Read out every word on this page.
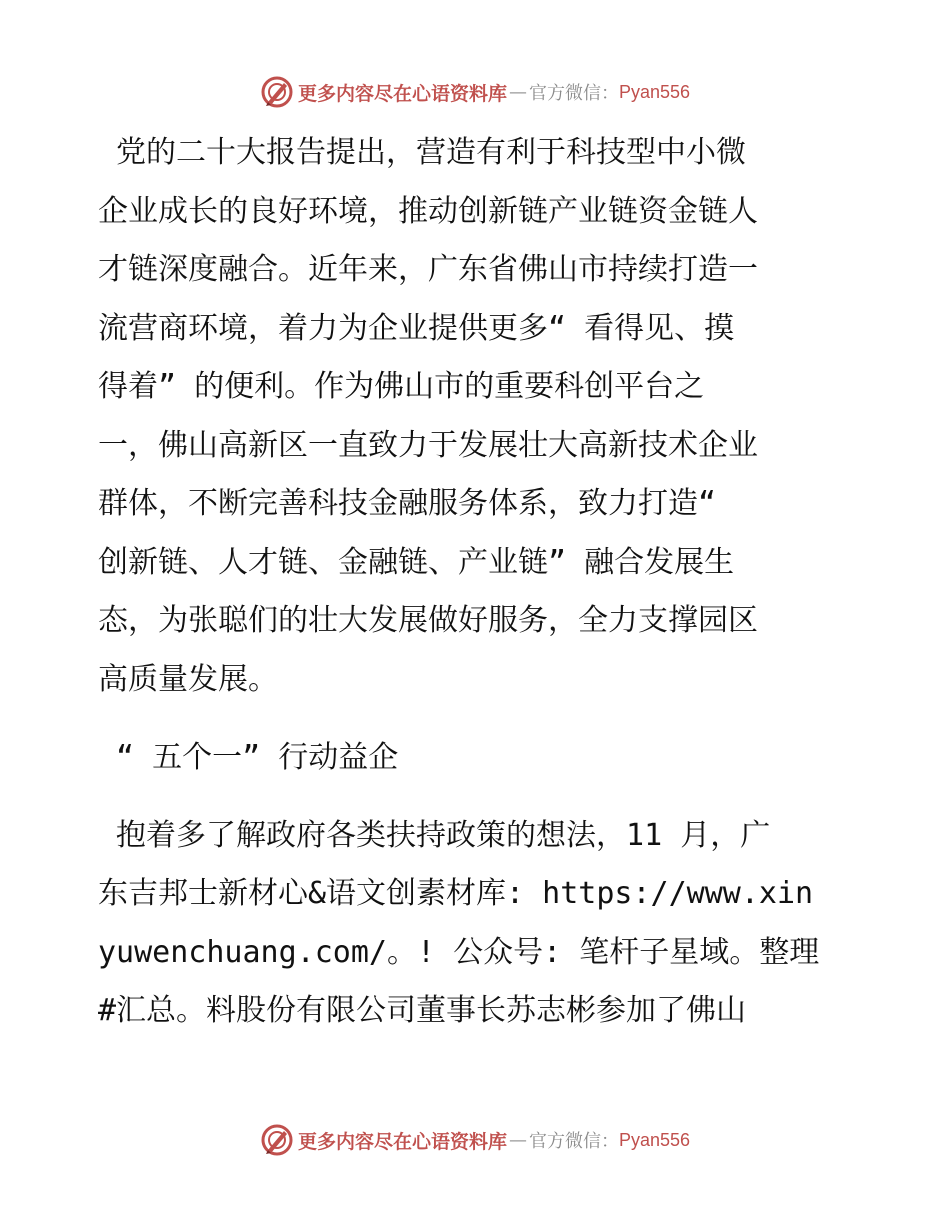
更多内容尽在心语资料库 — 官方微信： Pyan556

党的二十大报告提出，营造有利于科技型中小微

企业成长的良好环境，推动创新链产业链资金链人

才链深度融合。近年来，广东省佛山市持续打造一

流营商环境，着力为企业提供更多“ 看得见、摸

得着” 的便利。作为佛山市的重要科创平台之

一，佛山高新区一直致力于发展壮大高新技术企业

群体，不断完善科技金融服务体系，致力打造“

创新链、人才链、金融链、产业链” 融合发展生

态，为张聪们的壮大发展做好服务，全力支撑园区

高质量发展。

“ 五个一” 行动益企

抱着多了解政府各类扶持政策的想法，11 月，广

东吉邦士新材心&语文创素材库: https://www.xin

yuwenchuang.com/。! 公众号: 笔杆子星域。整理

#汇总。料股份有限公司董事长苏志彬参加了佛山

更多内容尽在心语资料库 — 官方微信： Pyan556
